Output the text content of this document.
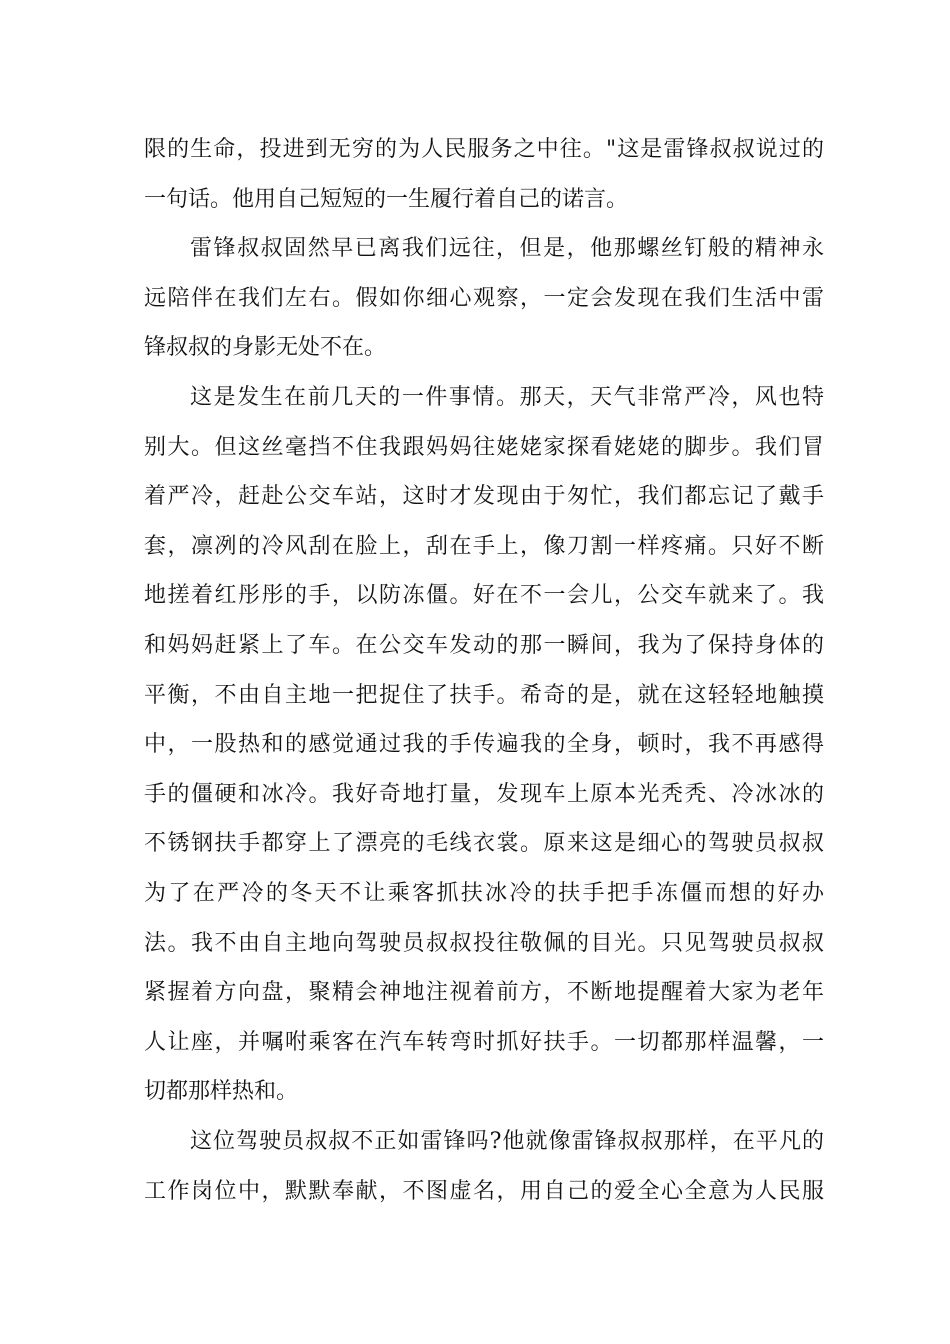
限的生命，投进到无穷的为人民服务之中往。"这是雷锋叔叔说过的
一句话。他用自己短短的一生履行着自己的诺言。
雷锋叔叔固然早已离我们远往，但是，他那螺丝钉般的精神永
远陪伴在我们左右。假如你细心观察，一定会发现在我们生活中雷
锋叔叔的身影无处不在。
这是发生在前几天的一件事情。那天，天气非常严冷，风也特
别大。但这丝毫挡不住我跟妈妈往姥姥家探看姥姥的脚步。我们冒
着严冷，赶赴公交车站，这时才发现由于匆忙，我们都忘记了戴手
套，凛冽的冷风刮在脸上，刮在手上，像刀割一样疼痛。只好不断
地搓着红彤彤的手，以防冻僵。好在不一会儿，公交车就来了。我
和妈妈赶紧上了车。在公交车发动的那一瞬间，我为了保持身体的
平衡，不由自主地一把捉住了扶手。希奇的是，就在这轻轻地触摸
中，一股热和的感觉通过我的手传遍我的全身，顿时，我不再感得
手的僵硬和冰冷。我好奇地打量，发现车上原本光秃秃、冷冰冰的
不锈钢扶手都穿上了漂亮的毛线衣裳。原来这是细心的驾驶员叔叔
为了在严冷的冬天不让乘客抓扶冰冷的扶手把手冻僵而想的好办
法。我不由自主地向驾驶员叔叔投往敬佩的目光。只见驾驶员叔叔
紧握着方向盘，聚精会神地注视着前方，不断地提醒着大家为老年
人让座，并嘱咐乘客在汽车转弯时抓好扶手。一切都那样温馨，一
切都那样热和。
这位驾驶员叔叔不正如雷锋吗?他就像雷锋叔叔那样，在平凡的
工作岗位中，默默奉献，不图虚名，用自己的爱全心全意为人民服
